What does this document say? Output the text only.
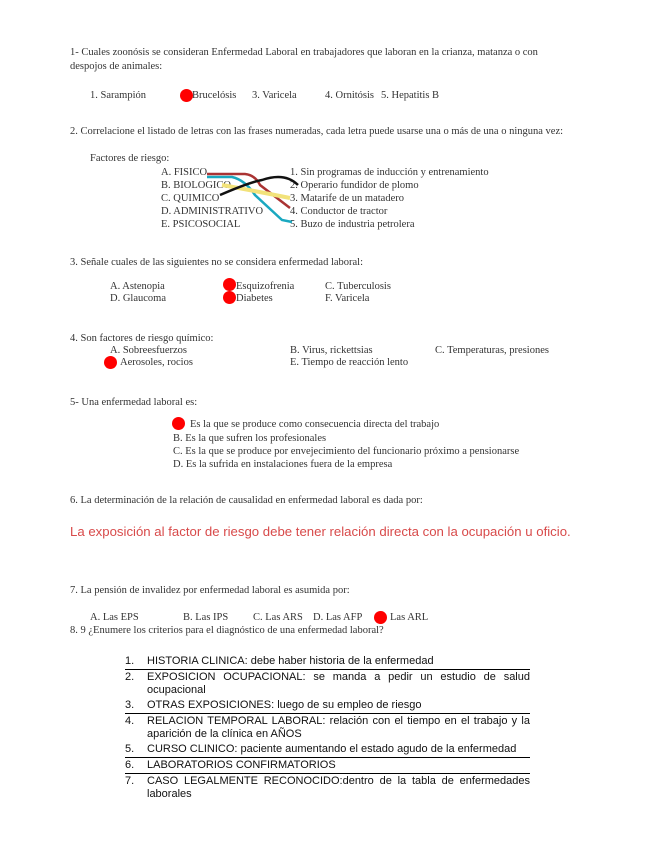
1- Cuales zoonósis se consideran Enfermedad Laboral en trabajadores que laboran en la crianza, matanza o con
despojos de animales:
1. Sarampión	Brucelósis 3. Varicela	4. Ornitósis 5. Hepatitis B
2. Correlacione el listado de letras con las frases numeradas, cada letra puede usarse una o más de una o ninguna vez:
Factores de riesgo:
A. FISICO
B. BIOLOGICO
C. QUIMICO
D. ADMINISTRATIVO
E. PSICOSOCIAL
1. Sin programas de inducción y entrenamiento
2. Operario fundidor de plomo
3. Matarife de un matadero
4. Conductor de tractor
5. Buzo de industria petrolera
3. Señale cuales de las siguientes no se considera enfermedad laboral:
A. Astenopia	Esquizofrenia	C. Tuberculosis
D. Glaucoma	Diabetes	F. Varicela
4. Son factores de riesgo químico:
A. Sobreesfuerzos	B. Virus, rickettsias	C. Temperaturas, presiones
Aerosoles, rocios	E. Tiempo de reacción lento
5- Una enfermedad laboral es:
Es la que se produce como consecuencia directa del trabajo
B. Es la que sufren los profesionales
C. Es la que se produce por envejecimiento del funcionario próximo a pensionarse
D. Es la sufrida en instalaciones fuera de la empresa
6. La determinación de la relación de causalidad en enfermedad laboral es dada por:
La exposición al factor de riesgo debe tener relación directa con la ocupación u oficio.
7. La pensión de invalidez por enfermedad laboral es asumida por:
A. Las EPS	B. Las IPS C. Las ARS D. Las AFP	Las ARL
8. 9 ¿Enumere los criterios para el diagnóstico de una enfermedad laboral?
1.	HISTORIA CLINICA: debe haber historia de la enfermedad
2.	EXPOSICION OCUPACIONAL: se manda a pedir un estudio de salud ocupacional
3.	OTRAS EXPOSICIONES: luego de su empleo de riesgo
4.	RELACION TEMPORAL LABORAL: relación con el tiempo en el trabajo y la aparición de la clínica en AÑOS
5.	CURSO CLINICO: paciente aumentando el estado agudo de la enfermedad
6.	LABORATORIOS CONFIRMATORIOS
7.	CASO LEGALMENTE RECONOCIDO:dentro de la tabla de enfermedades laborales
